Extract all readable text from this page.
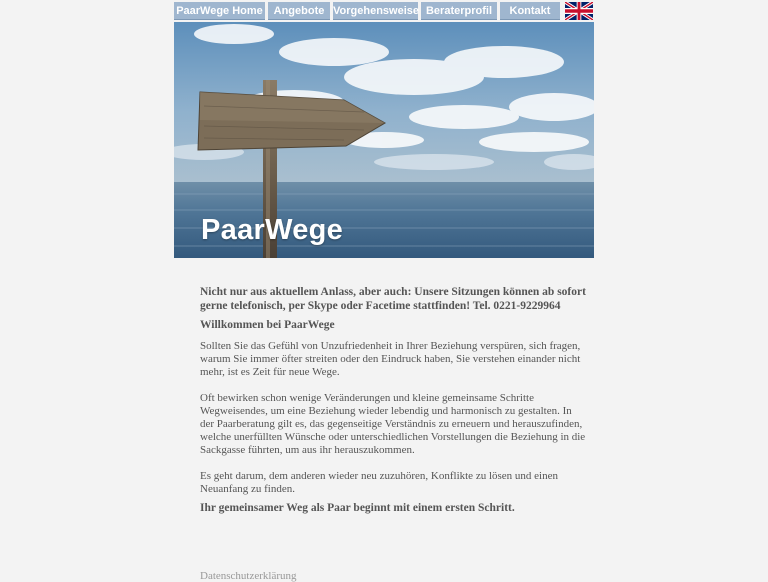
PaarWege Home Angebote Vorgehensweise Beraterprofil	Kontakt
PaarWege

Nicht nur aus aktuellem Anlass, aber auch: Unsere Sitzungen können ab sofort gerne telefonisch, per Skype oder Facetime stattfinden! Tel. 0221-9229964

Willkommen bei PaarWege

Sollten Sie das Gefühl von Unzufriedenheit in Ihrer Beziehung verspüren, sich fragen, warum Sie immer öfter streiten oder den Eindruck haben, Sie verstehen einander nicht mehr, ist es Zeit für neue Wege.

Oft bewirken schon wenige Veränderungen und kleine gemeinsame Schritte Wegweisendes, um eine Beziehung wieder lebendig und harmonisch zu gestalten. In der Paarberatung gilt es, das gegenseitige Verständnis zu erneuern und herauszufinden, welche unerfüllten Wünsche oder unterschiedlichen Vorstellungen die Beziehung in die Sackgasse führten, um aus ihr herauszukommen.

Es geht darum, dem anderen wieder neu zuzuhören, Konflikte zu lösen und einen Neuanfang zu finden.

Ihr gemeinsamer Weg als Paar beginnt mit einem ersten Schritt.

Datenschutzerklärung
